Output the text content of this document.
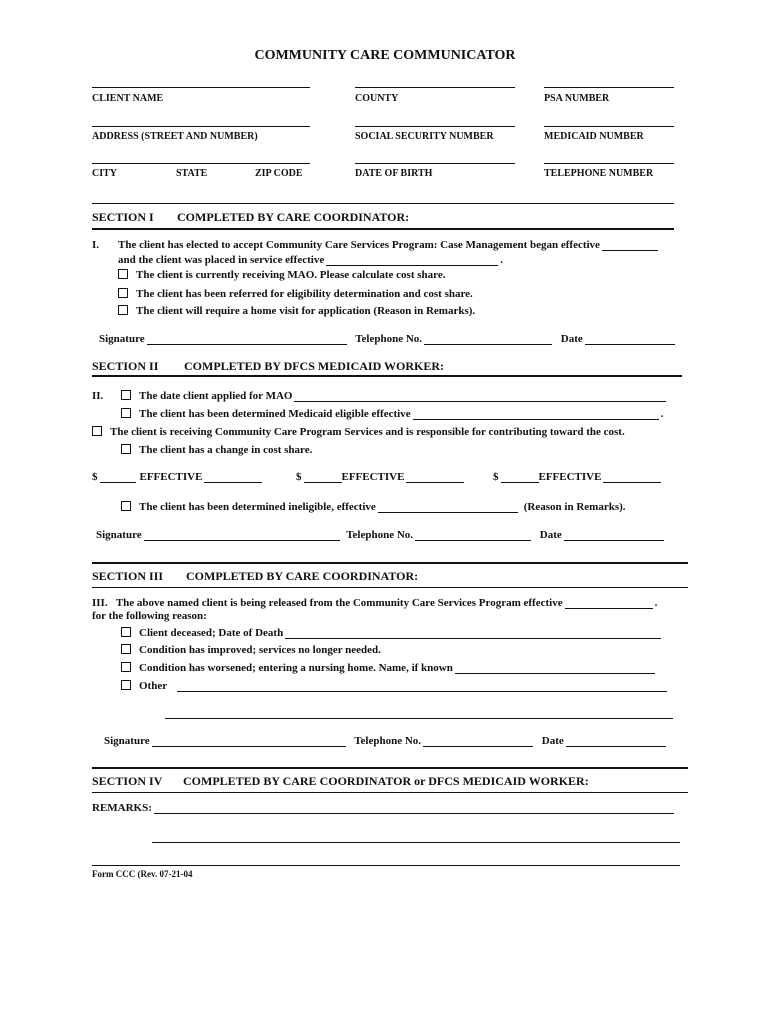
COMMUNITY CARE COMMUNICATOR
CLIENT NAME	COUNTY	PSA NUMBER
ADDRESS (STREET AND NUMBER)	SOCIAL SECURITY NUMBER	MEDICAID NUMBER
CITY	STATE	ZIP CODE	DATE OF BIRTH	TELEPHONE NUMBER
SECTION I COMPLETED BY CARE COORDINATOR:
I. The client has elected to accept Community Care Services Program: Case Management began effective
and the client was placed in service effective	.
The client is currently receiving MAO. Please calculate cost share.
The client has been referred for eligibility determination and cost share.
The client will require a home visit for application (Reason in Remarks).
Signature	Telephone No.	Date
SECTION II COMPLETED BY DFCS MEDICAID WORKER:
II.	The date client applied for MAO
The client has been determined Medicaid eligible effective	.
The client is receiving Community Care Program Services and is responsible for contributing toward the cost.
The client has a change in cost share.
$	EFFECTIVE	$	EFFECTIVE	$	EFFECTIVE
The client has been determined ineligible, effective	(Reason in Remarks).
Signature	Telephone No.	Date
SECTION III COMPLETED BY CARE COORDINATOR:
III. The above named client is being released from the Community Care Services Program effective	.
for the following reason:
Client deceased; Date of Death
Condition has improved; services no longer needed.
Condition has worsened; entering a nursing home. Name, if known
Other
Signature	Telephone No.	Date
SECTION IV COMPLETED BY CARE COORDINATOR or DFCS MEDICAID WORKER:
REMARKS:
Form CCC (Rev. 07-21-04
